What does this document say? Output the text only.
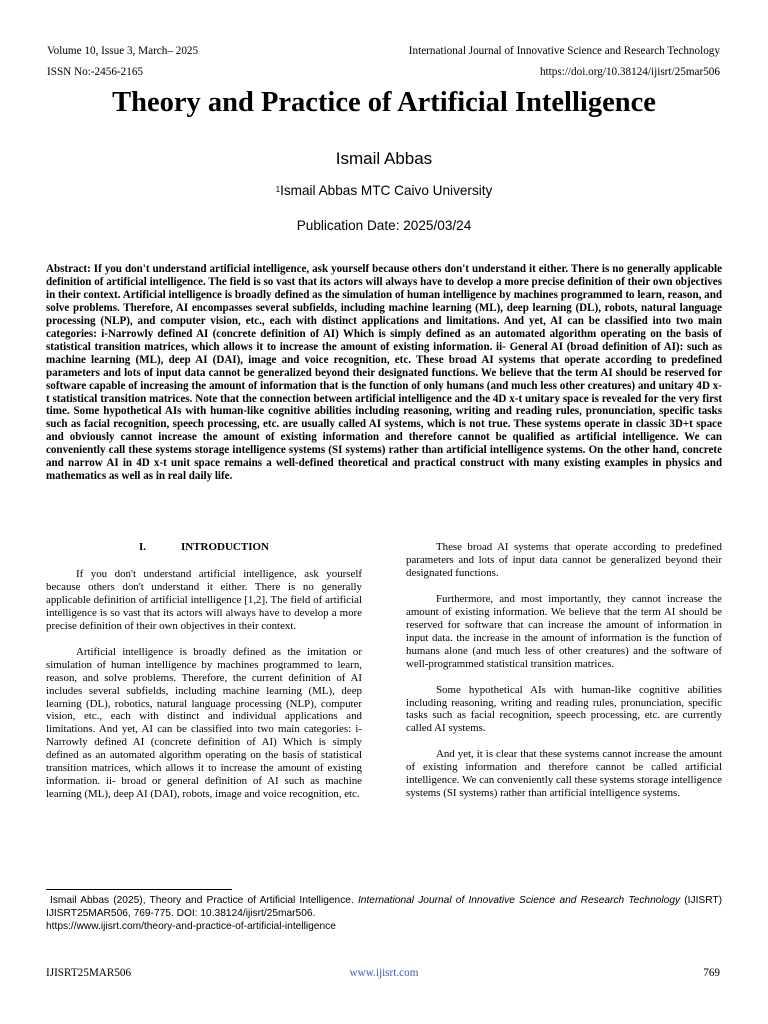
Volume 10, Issue 3, March– 2025	International Journal of Innovative Science and Research Technology
ISSN No:-2456-2165	https://doi.org/10.38124/ijisrt/25mar506
Theory and Practice of Artificial Intelligence
Ismail Abbas
$^1$Ismail Abbas MTC Caivo University
Publication Date: 2025/03/24

Abstract: If you don't understand artificial intelligence, ask yourself because others don't understand it either. There is no generally applicable definition of artificial intelligence. The field is so vast that its actors will always have to develop a more precise definition of their own objectives in their context. Artificial intelligence is broadly defined as the simulation of human intelligence by machines programmed to learn, reason, and solve problems. Therefore, AI encompasses several subfields, including machine learning (ML), deep learning (DL), robots, natural language processing (NLP), and computer vision, etc., each with distinct applications and limitations. And yet, AI can be classified into two main categories: i-Narrowly defined AI (concrete definition of AI) Which is simply defined as an automated algorithm operating on the basis of statistical transition matrices, which allows it to increase the amount of existing information. ii- General AI (broad definition of AI): such as machine learning (ML), deep AI (DAI), image and voice recognition, etc. These broad AI systems that operate according to predefined parameters and lots of input data cannot be generalized beyond their designated functions. We believe that the term AI should be reserved for software capable of increasing the amount of information that is the function of only humans (and much less other creatures) and unitary 4D x-t statistical transition matrices. Note that the connection between artificial intelligence and the 4D x-t unitary space is revealed for the very first time. Some hypothetical AIs with human-like cognitive abilities including reasoning, writing and reading rules, pronunciation, specific tasks such as facial recognition, speech processing, etc. are usually called AI systems, which is not true. These systems operate in classic 3D+t space and obviously cannot increase the amount of existing information and therefore cannot be qualified as artificial intelligence. We can conveniently call these systems storage intelligence systems (SI systems) rather than artificial intelligence systems. On the other hand, concrete and narrow AI in 4D x-t unit space remains a well-defined theoretical and practical construct with many existing examples in physics and mathematics as well as in real daily life.

I.	INTRODUCTION

If you don't understand artificial intelligence, ask yourself because others don't understand it either. There is no generally applicable definition of artificial intelligence [1,2]. The field of artificial intelligence is so vast that its actors will always have to develop a more precise definition of their own objectives in their context.

Artificial intelligence is broadly defined as the imitation or simulation of human intelligence by machines programmed to learn, reason, and solve problems. Therefore, the current definition of AI includes several subfields, including machine learning (ML), deep learning (DL), robotics, natural language processing (NLP), computer vision, etc., each with distinct and individual applications and limitations. And yet, AI can be classified into two main categories: i- Narrowly defined AI (concrete definition of AI) Which is simply defined as an automated algorithm operating on the basis of statistical transition matrices, which allows it to increase the amount of existing information. ii- broad or general definition of AI such as machine learning (ML), deep AI (DAI), robots, image and voice recognition, etc.

These broad AI systems that operate according to predefined parameters and lots of input data cannot be generalized beyond their designated functions.

Furthermore, and most importantly, they cannot increase the amount of existing information. We believe that the term AI should be reserved for software that can increase the amount of information in input data. the increase in the amount of information is the function of humans alone (and much less of other creatures) and the software of well-programmed statistical transition matrices.

Some hypothetical AIs with human-like cognitive abilities including reasoning, writing and reading rules, pronunciation, specific tasks such as facial recognition, speech processing, etc. are currently called AI systems.

And yet, it is clear that these systems cannot increase the amount of existing information and therefore cannot be called artificial intelligence. We can conveniently call these systems storage intelligence systems (SI systems) rather than artificial intelligence systems.

Ismail Abbas (2025), Theory and Practice of Artificial Intelligence. International Journal of Innovative Science and Research Technology (IJISRT) IJISRT25MAR506, 769-775. DOI: 10.38124/ijisrt/25mar506.
https://www.ijisrt.com/theory-and-practice-of-artificial-intelligence

IJISRT25MAR506	www.ijisrt.com	769
